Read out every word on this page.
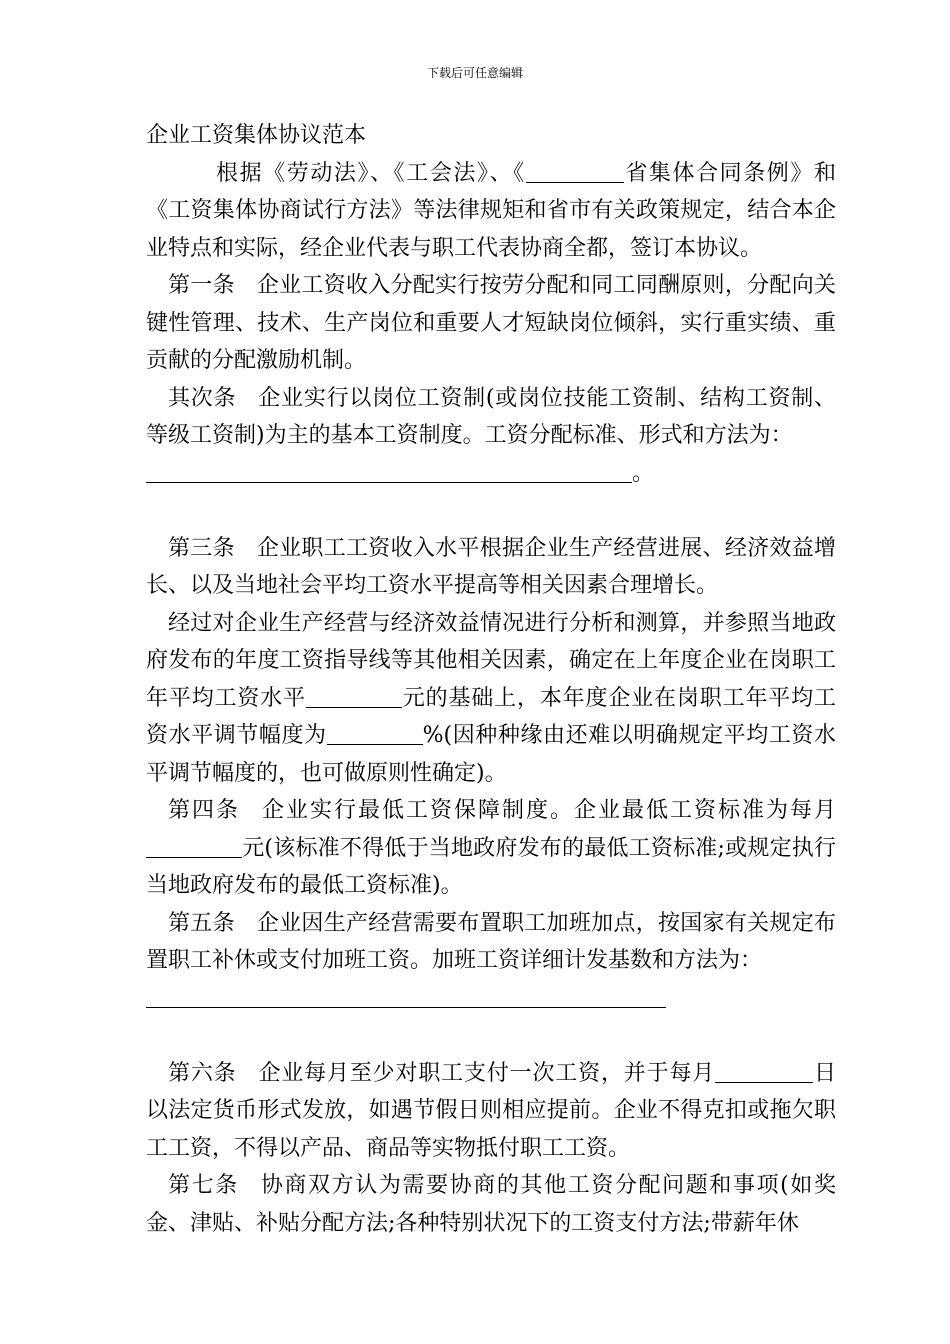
下载后可任意编辑
企业工资集体协议范本

根据《劳动法》、《工会法》、《	省集体合同条例》和《工资集体协商试行方法》等法律规矩和省市有关政策规定，结合本企业特点和实际，经企业代表与职工代表协商全都，签订本协议。

第一条 企业工资收入分配实行按劳分配和同工同酬原则，分配向关键性管理、技术、生产岗位和重要人才短缺岗位倾斜，实行重实绩、重贡献的分配激励机制。

其次条 企业实行以岗位工资制(或岗位技能工资制、结构工资制、等级工资制)为主的基本工资制度。工资分配标准、形式和方法为：

。

第三条 企业职工工资收入水平根据企业生产经营进展、经济效益增长、以及当地社会平均工资水平提高等相关因素合理增长。

经过对企业生产经营与经济效益情况进行分析和测算，并参照当地政府发布的年度工资指导线等其他相关因素，确定在上年度企业在岗职工年平均工资水平	元的基础上，本年度企业在岗职工年平均工资水平调节幅度为	%(因种种缘由还难以明确规定平均工资水平调节幅度的，也可做原则性确定)。

第四条 企业实行最低工资保障制度。企业最低工资标准为每月元(该标准不得低于当地政府发布的最低工资标准;或规定执行当地政府发布的最低工资标准)。

第五条 企业因生产经营需要布置职工加班加点，按国家有关规定布置职工补休或支付加班工资。加班工资详细计发基数和方法为：

第六条 企业每月至少对职工支付一次工资，并于每月	日以法定货币形式发放，如遇节假日则相应提前。企业不得克扣或拖欠职工工资，不得以产品、商品等实物抵付职工工资。

第七条 协商双方认为需要协商的其他工资分配问题和事项(如奖金、津贴、补贴分配方法;各种特别状况下的工资支付方法;带薪年休
